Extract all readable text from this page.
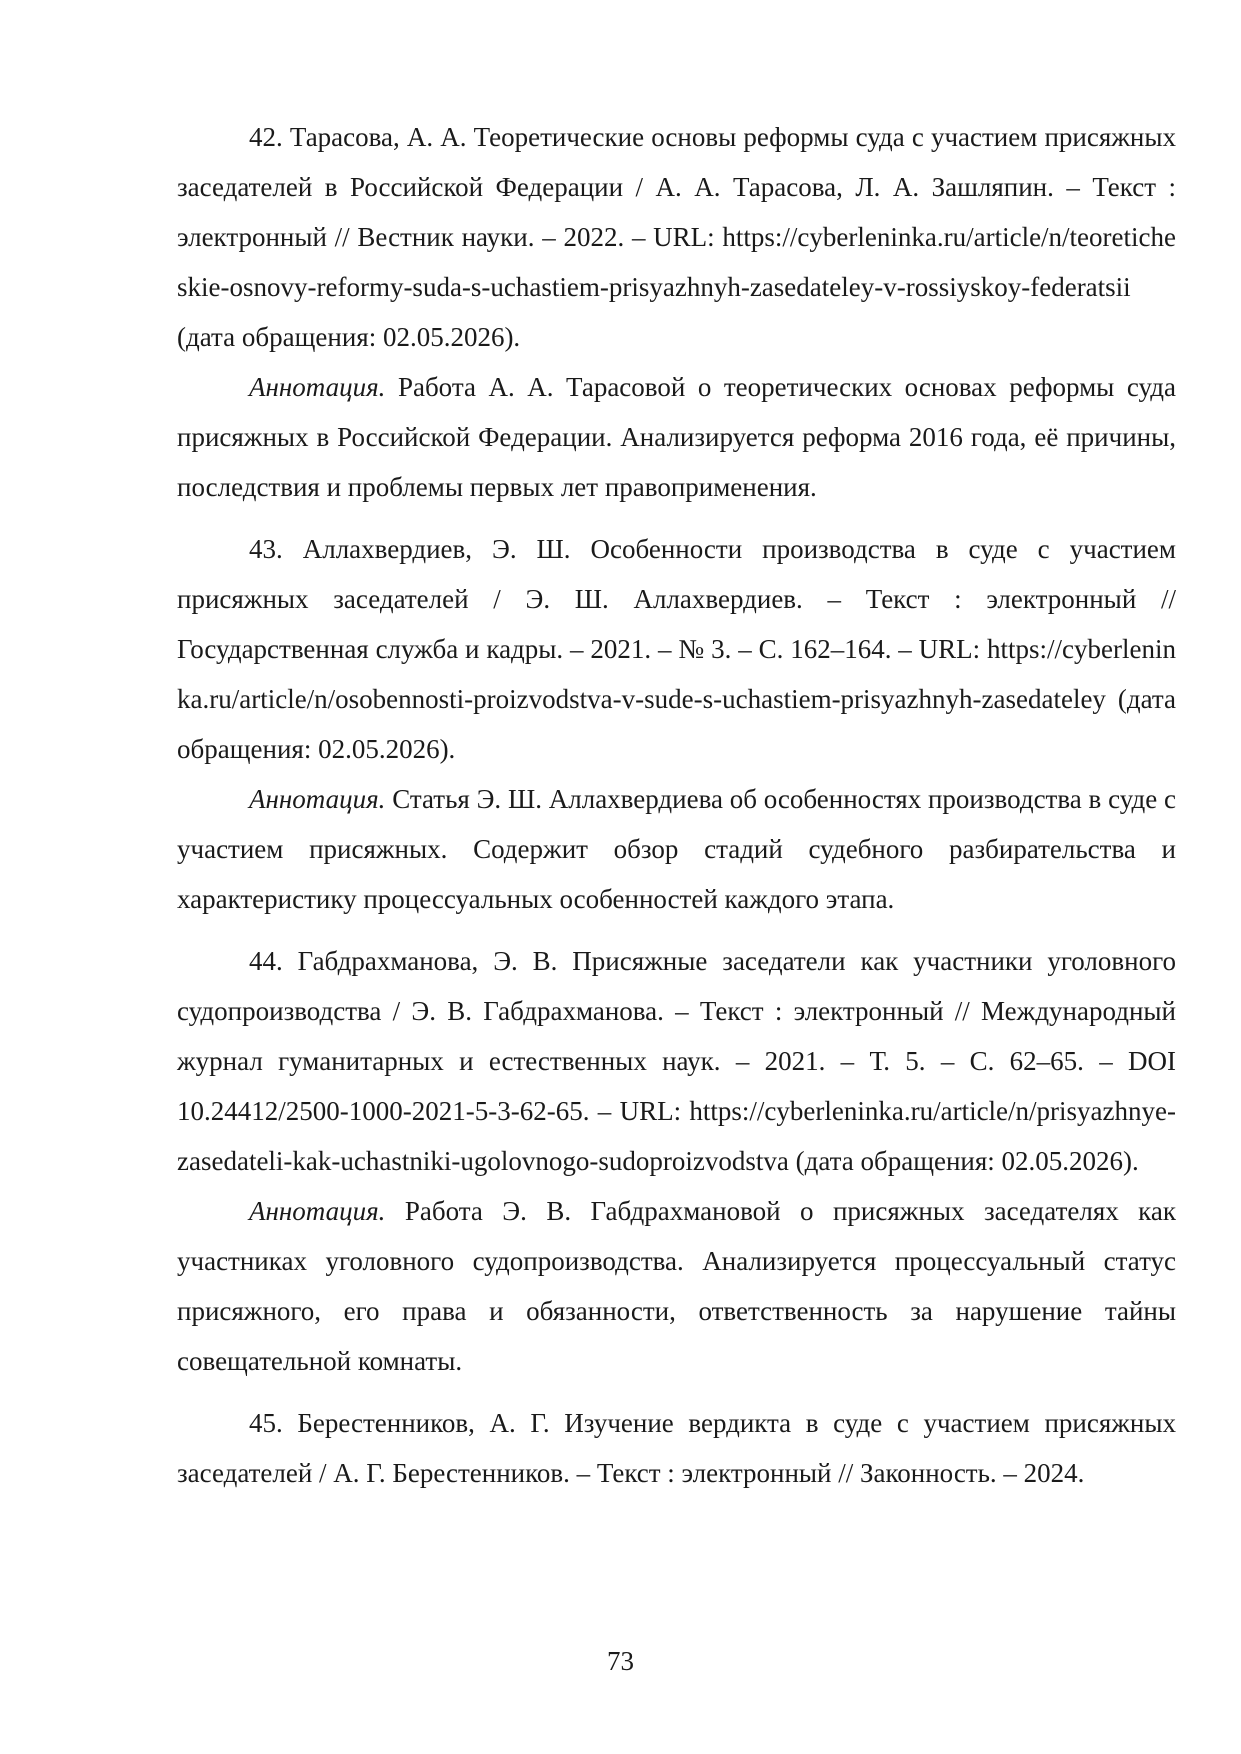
42. Тарасова, А. А. Теоретические основы реформы суда с участием присяжных заседателей в Российской Федерации / А. А. Тарасова, Л. А. Зашляпин. – Текст : электронный // Вестник науки. – 2022. – URL: https://cyberleninka.ru/article/n/teoreticheskie-osnovy-reformy-suda-s-uchastiem-prisyazhnyh-zasedateley-v-rossiyskoy-federatsii (дата обращения: 02.05.2026).

Аннотация. Работа А. А. Тарасовой о теоретических основах реформы суда присяжных в Российской Федерации. Анализируется реформа 2016 года, её причины, последствия и проблемы первых лет правоприменения.

43. Аллахвердиев, Э. Ш. Особенности производства в суде с участием присяжных заседателей / Э. Ш. Аллахвердиев. – Текст : электронный // Государственная служба и кадры. – 2021. – № 3. – С. 162–164. – URL: https://cyberleninka.ru/article/n/osobennosti-proizvodstva-v-sude-s-uchastiem-prisyazhnyh-zasedateley (дата обращения: 02.05.2026).

Аннотация. Статья Э. Ш. Аллахвердиева об особенностях производства в суде с участием присяжных. Содержит обзор стадий судебного разбирательства и характеристику процессуальных особенностей каждого этапа.

44. Габдрахманова, Э. В. Присяжные заседатели как участники уголовного судопроизводства / Э. В. Габдрахманова. – Текст : электронный // Международный журнал гуманитарных и естественных наук. – 2021. – Т. 5. – С. 62–65. – DOI 10.24412/2500-1000-2021-5-3-62-65. – URL: https://cyberleninka.ru/article/n/prisyazhnye-zasedateli-kak-uchastniki-ugolovnogo-sudoproizvodstva (дата обращения: 02.05.2026).

Аннотация. Работа Э. В. Габдрахмановой о присяжных заседателях как участниках уголовного судопроизводства. Анализируется процессуальный статус присяжного, его права и обязанности, ответственность за нарушение тайны совещательной комнаты.

45. Берестенников, А. Г. Изучение вердикта в суде с участием присяжных заседателей / А. Г. Берестенников. – Текст : электронный // Законность. – 2024.

73
